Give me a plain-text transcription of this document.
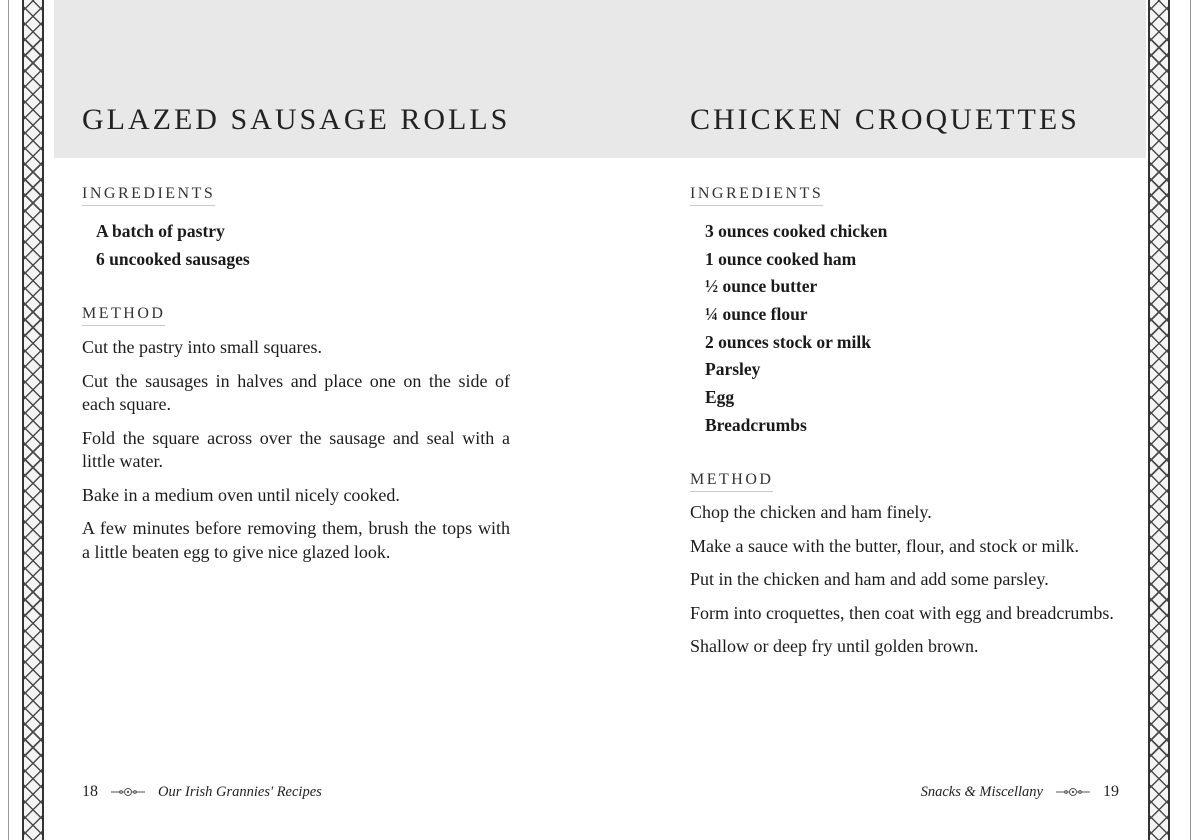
GLAZED SAUSAGE ROLLS
INGREDIENTS
A batch of pastry
6 uncooked sausages
METHOD
Cut the pastry into small squares.
Cut the sausages in halves and place one on the side of each square.
Fold the square across over the sausage and seal with a little water.
Bake in a medium oven until nicely cooked.
A few minutes before removing them, brush the tops with a little beaten egg to give nice glazed look.
18	Our Irish Grannies' Recipes
CHICKEN CROQUETTES
INGREDIENTS
3 ounces cooked chicken
1 ounce cooked ham
½ ounce butter
¼ ounce flour
2 ounces stock or milk
Parsley
Egg
Breadcrumbs
METHOD
Chop the chicken and ham finely.
Make a sauce with the butter, flour, and stock or milk.
Put in the chicken and ham and add some parsley.
Form into croquettes, then coat with egg and breadcrumbs.
Shallow or deep fry until golden brown.
Snacks & Miscellany	19
